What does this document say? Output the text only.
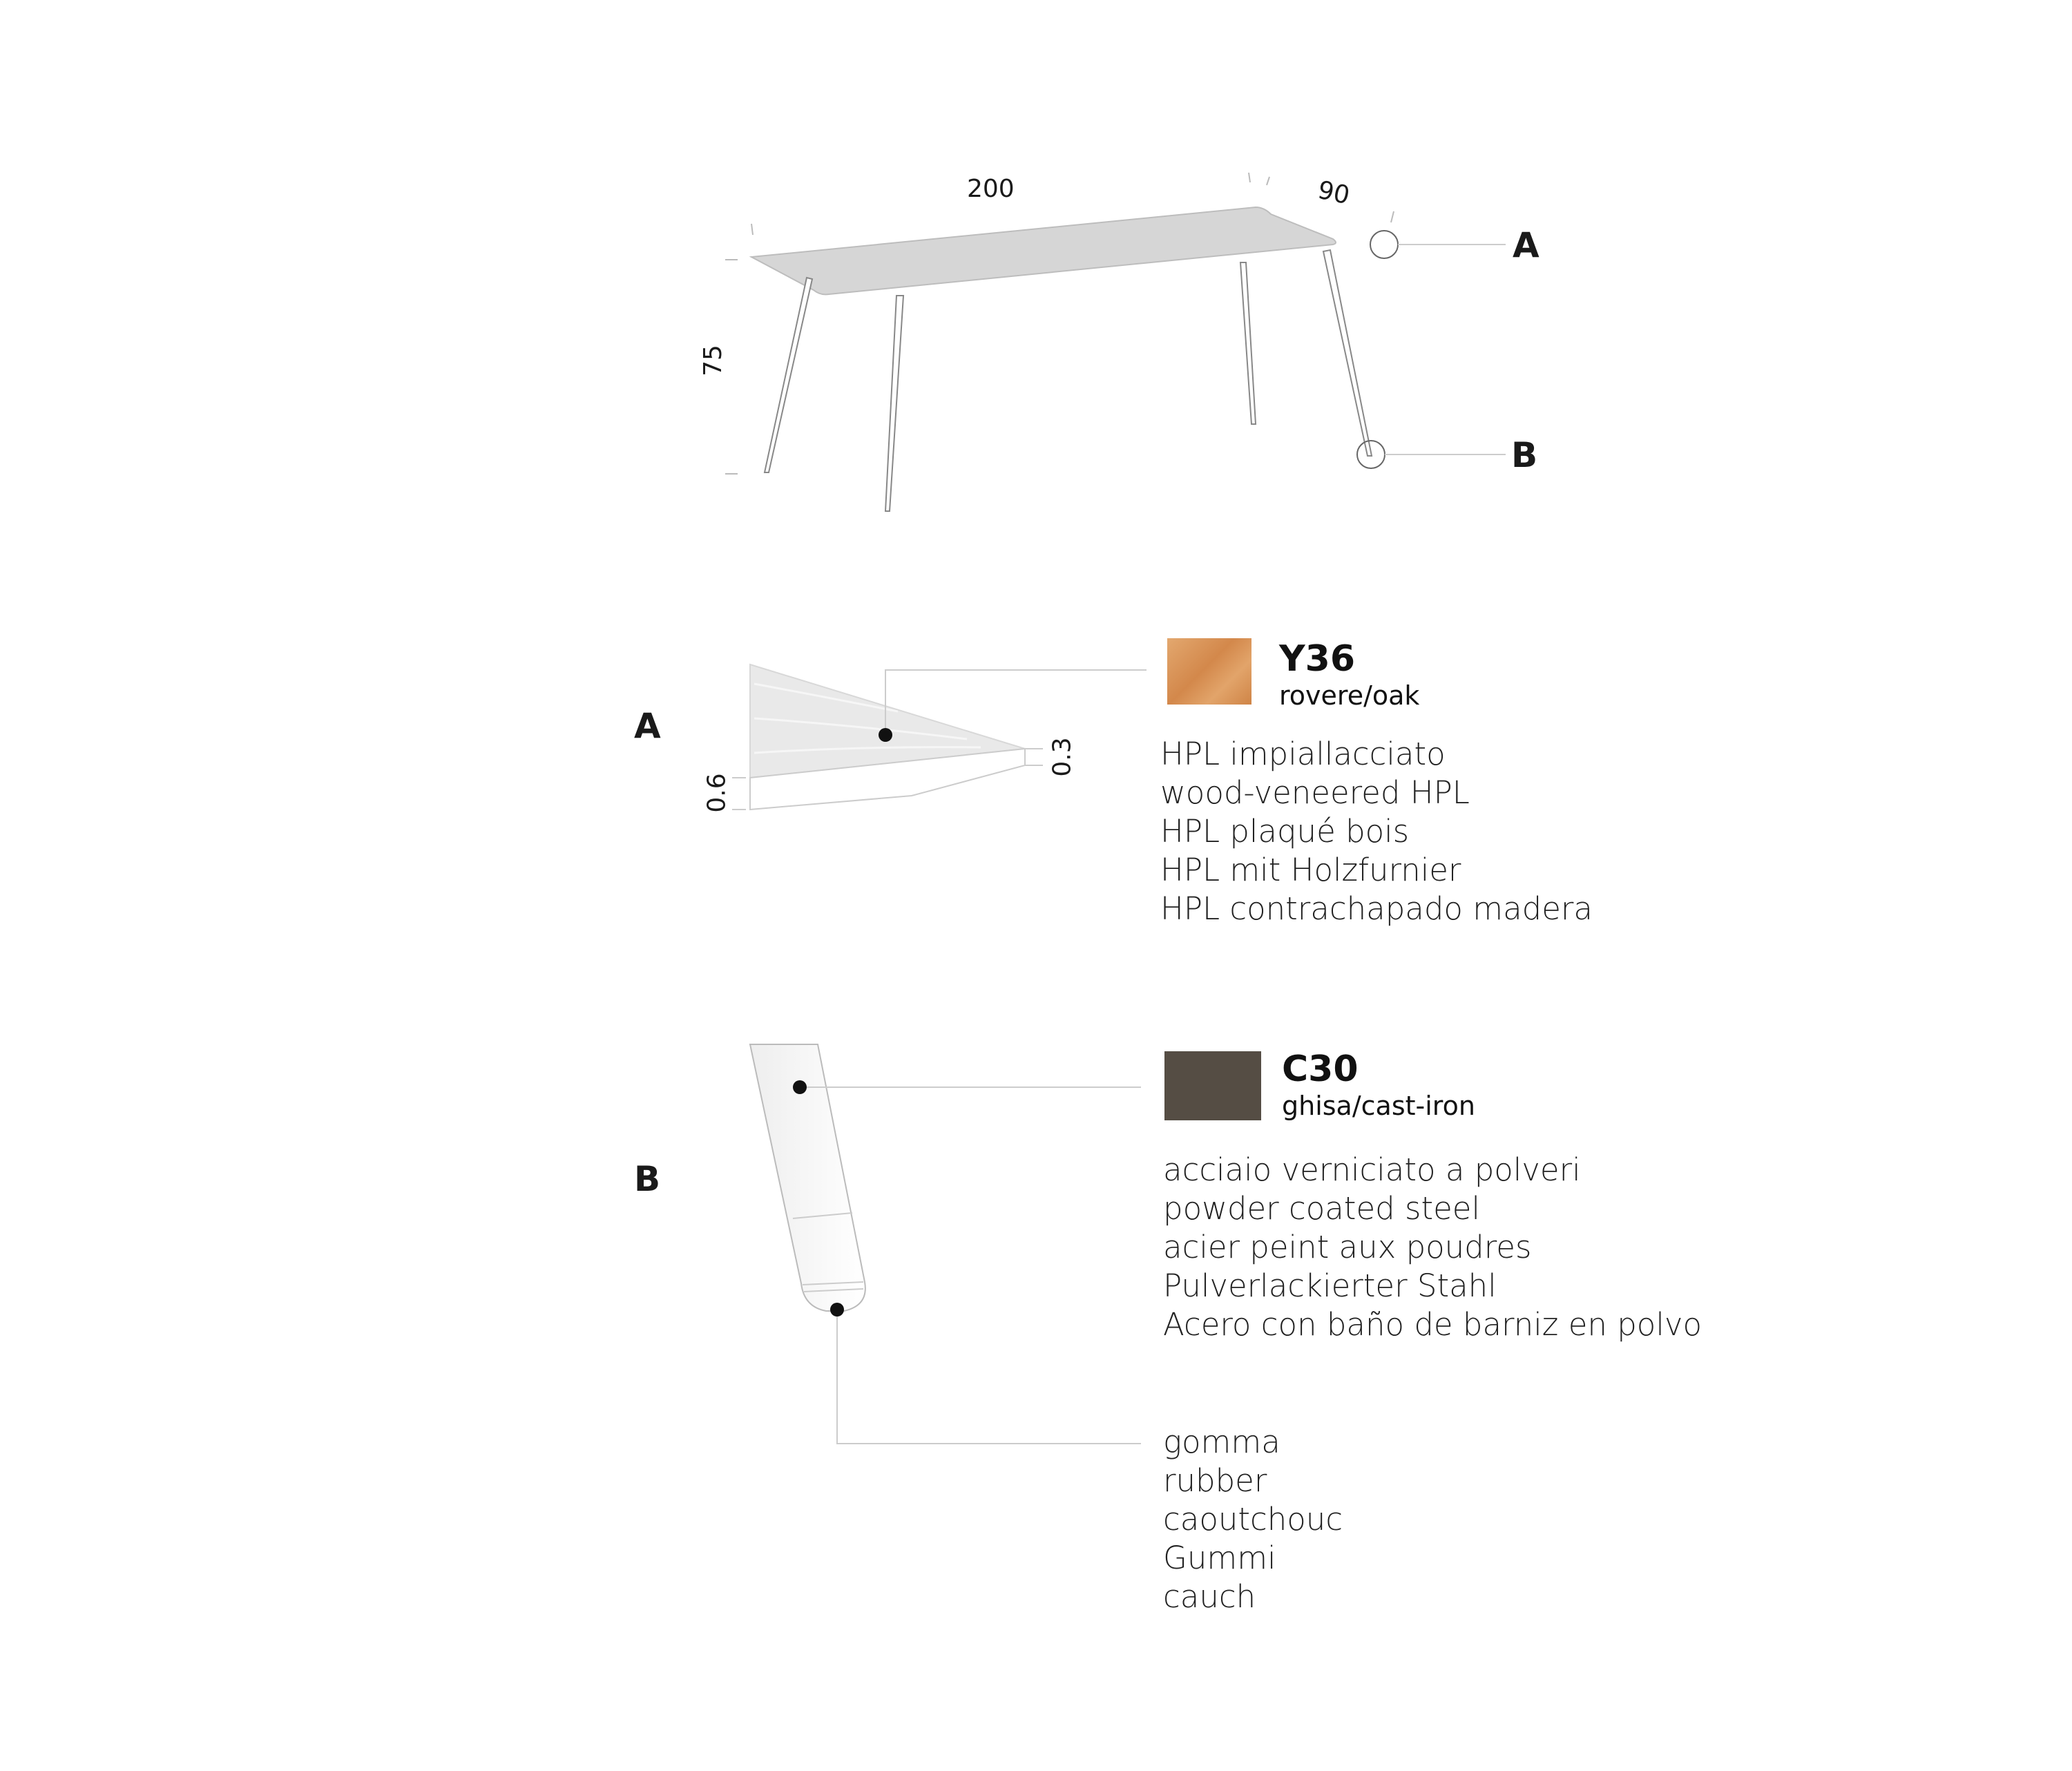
200	90
75
A
B
A
0.3
0.6
Y36
rovere/oak
HPL impiallacciato
wood-veneered HPL
HPL plaqué bois
HPL mit Holzfurnier
HPL contrachapado madera
B
C30
ghisa/cast-iron
acciaio verniciato a polveri
powder coated steel
acier peint aux poudres
Pulverlackierter Stahl
Acero con baño de barniz en polvo
gomma
rubber
caoutchouc
Gummi
cauch
